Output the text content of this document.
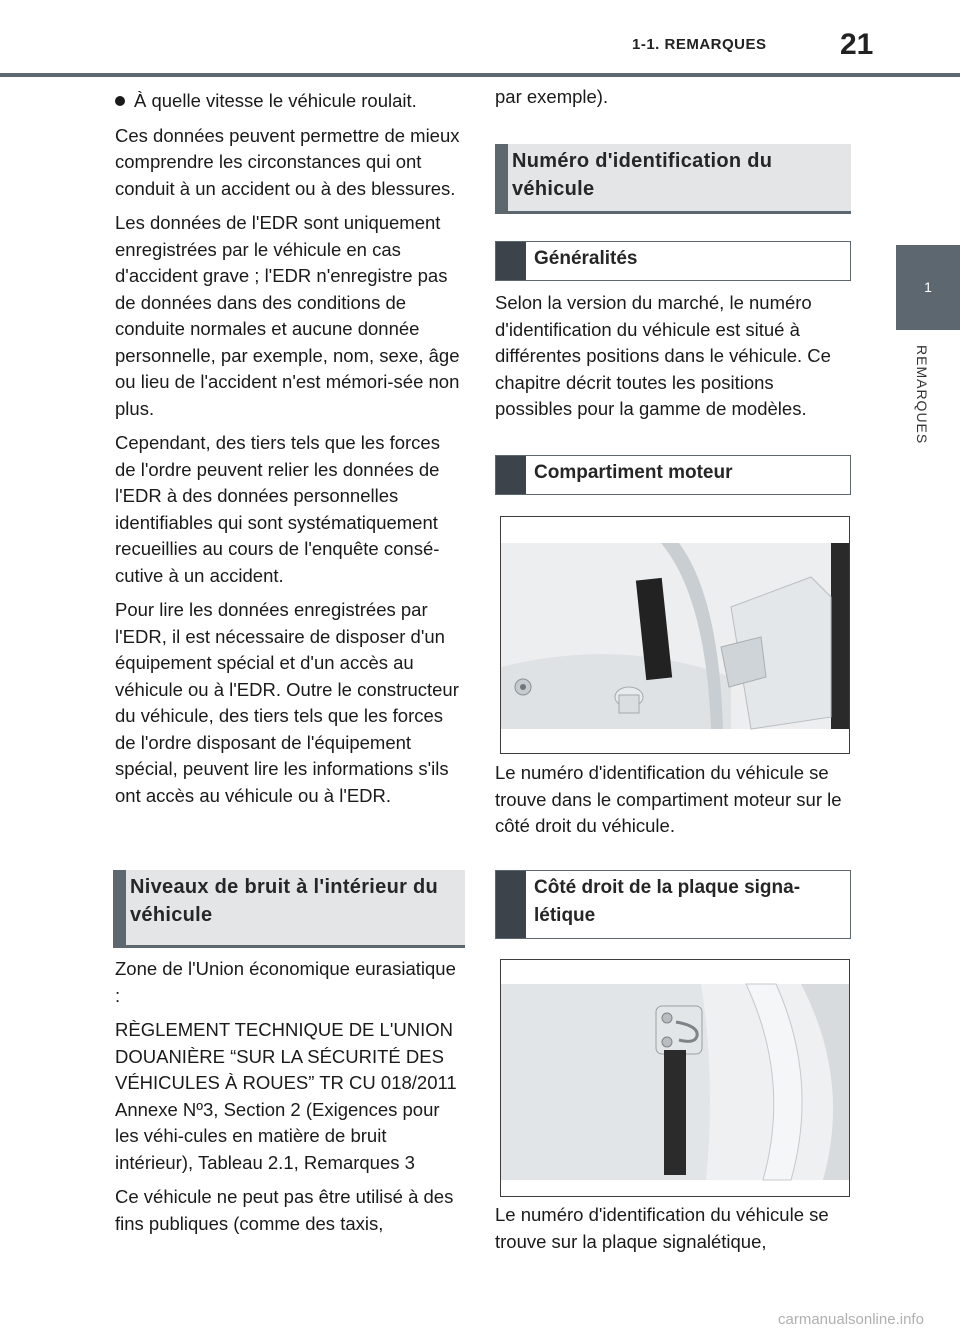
1-1. REMARQUES 21
1
REMARQUES

À quelle vitesse le véhicule roulait.

Ces données peuvent permettre de mieux comprendre les circonstances qui ont conduit à un accident ou à des blessures.

Les données de l'EDR sont uniquement enregistrées par le véhicule en cas d'accident grave ; l'EDR n'enregistre pas de données dans des conditions de conduite normales et aucune donnée personnelle, par exemple, nom, sexe, âge ou lieu de l'accident n'est mémori-sée non plus.

Cependant, des tiers tels que les forces de l'ordre peuvent relier les données de l'EDR à des données personnelles identifiables qui sont systématiquement recueillies au cours de l'enquête consé-cutive à un accident.

Pour lire les données enregistrées par l'EDR, il est nécessaire de disposer d'un équipement spécial et d'un accès au véhicule ou à l'EDR. Outre le constructeur du véhicule, des tiers tels que les forces de l'ordre disposant de l'équipement spécial, peuvent lire les informations s'ils ont accès au véhicule ou à l'EDR.

Niveaux de bruit à l'intérieur du véhicule

Zone de l'Union économique eurasiatique :

RÈGLEMENT TECHNIQUE DE L'UNION DOUANIÈRE “SUR LA SÉCURITÉ DES VÉHICULES À ROUES” TR CU 018/2011 Annexe Nº3, Section 2 (Exigences pour les véhi-cules en matière de bruit intérieur), Tableau 2.1, Remarques 3

Ce véhicule ne peut pas être utilisé à des fins publiques (comme des taxis,

par exemple).
Numéro d'identification du véhicule
Généralités
Selon la version du marché, le numéro d'identification du véhicule est situé à différentes positions dans le véhicule. Ce chapitre décrit toutes les positions possibles pour la gamme de modèles.
Compartiment moteur
Le numéro d'identification du véhicule se trouve dans le compartiment moteur sur le côté droit du véhicule.
Côté droit de la plaque signa-létique
Le numéro d'identification du véhicule se trouve sur la plaque signalétique,
carmanualsonline.info
